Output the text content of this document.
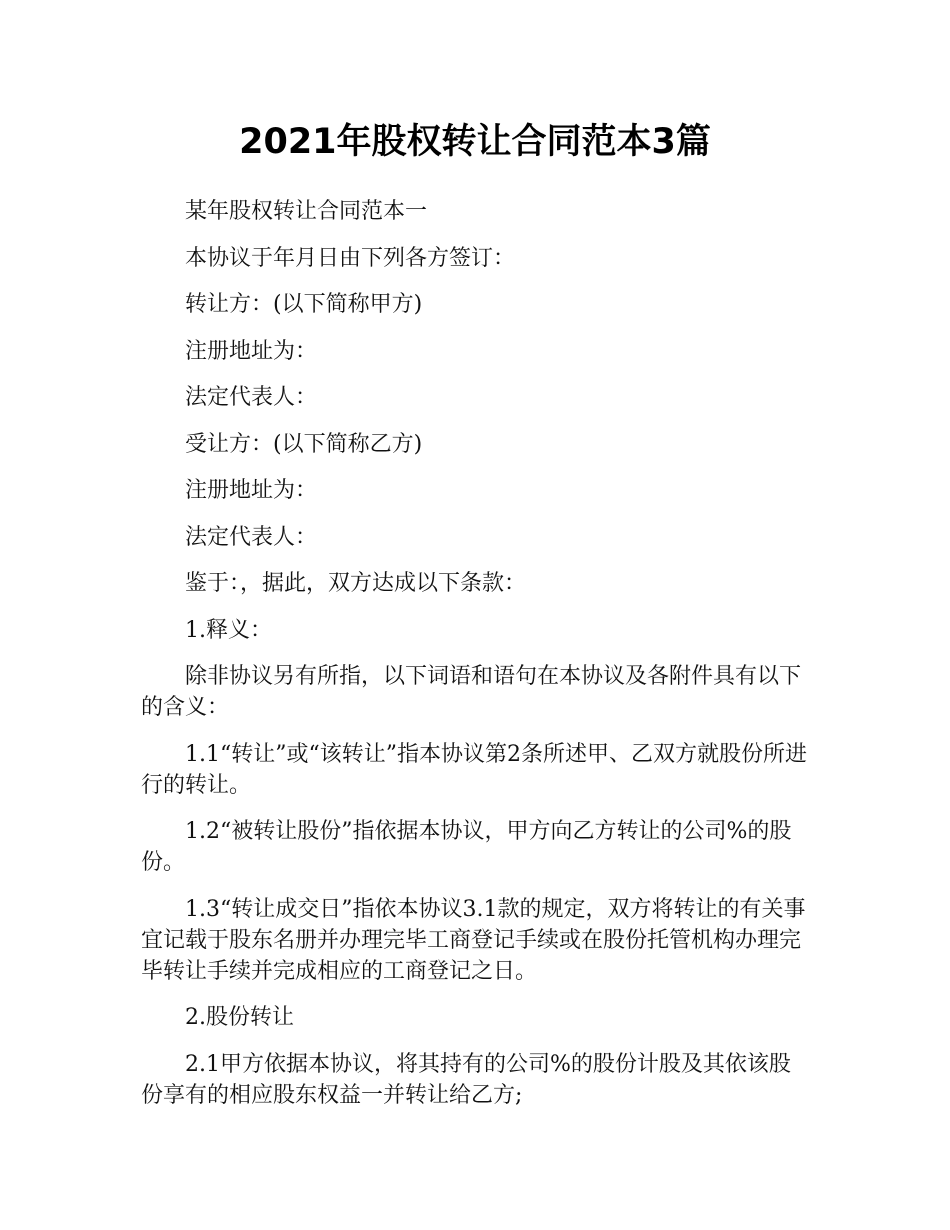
2021年股权转让合同范本3篇

某年股权转让合同范本一

本协议于年月日由下列各方签订：

转让方：(以下简称甲方)

注册地址为：

法定代表人：

受让方：(以下简称乙方)

注册地址为：

法定代表人：

鉴于：，据此，双方达成以下条款：

1.释义：

除非协议另有所指，以下词语和语句在本协议及各附件具有以下的含义：

1.1“转让”或“该转让”指本协议第2条所述甲、乙双方就股份所进行的转让。

1.2“被转让股份”指依据本协议，甲方向乙方转让的公司%的股份。

1.3“转让成交日”指依本协议3.1款的规定，双方将转让的有关事宜记载于股东名册并办理完毕工商登记手续或在股份托管机构办理完毕转让手续并完成相应的工商登记之日。

2.股份转让

2.1甲方依据本协议，将其持有的公司%的股份计股及其依该股份享有的相应股东权益一并转让给乙方;
